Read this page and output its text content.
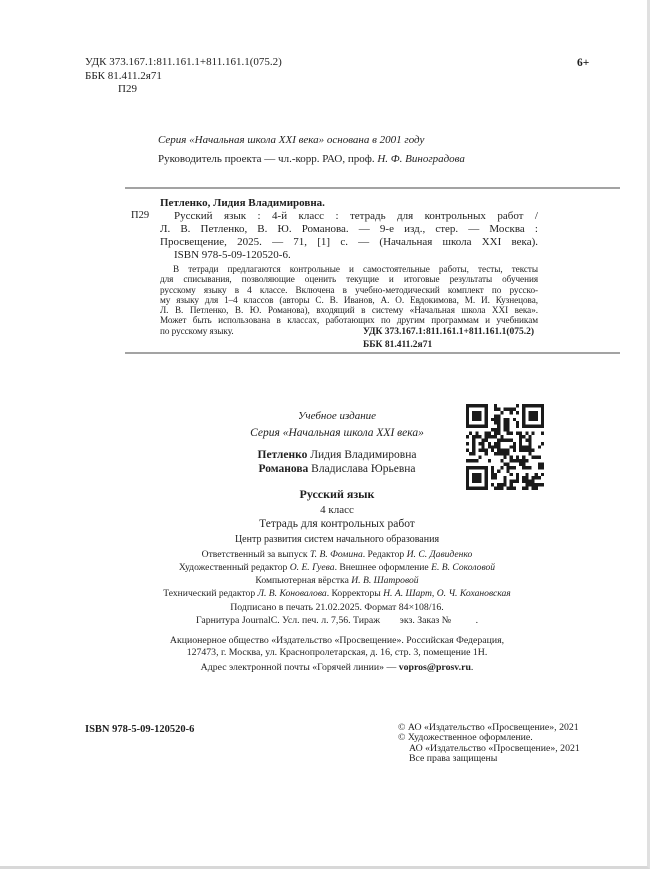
УДК 373.167.1:811.161.1+811.161.1(075.2)
ББК 81.411.2я71
П29
6+
Серия «Начальная школа XXI века» основана в 2001 году
Руководитель проекта — чл.-корр. РАО, проф. Н. Ф. Виноградова
П29
Петленко, Лидия Владимировна.
Русский язык : 4-й класс : тетрадь для контрольных работ /
Л. В. Петленко, В. Ю. Романова. — 9-е изд., стер. — Москва :
Просвещение, 2025. — 71, [1] с. — (Начальная школа XXI века).
ISBN 978-5-09-120520-6.
В тетради предлагаются контрольные и самостоятельные работы, тесты, тексты
для списывания, позволяющие оценить текущие и итоговые результаты обучения
русскому языку в 4 классе. Включена в учебно-методический комплект по русско-
му языку для 1–4 классов (авторы С. В. Иванов, А. О. Евдокимова, М. И. Кузнецова,
Л. В. Петленко, В. Ю. Романова), входящий в систему «Начальная школа XXI века».
Может быть использована в классах, работающих по другим программам и учебникам
по русскому языку.	УДК 373.167.1:811.161.1+811.161.1(075.2)
ББК 81.411.2я71
Учебное издание
Серия «Начальная школа XXI века»
Петленко Лидия Владимировна
Романова Владислава Юрьевна
Русский язык
4 класс
Тетрадь для контрольных работ
Центр развития систем начального образования
Ответственный за выпуск Т. В. Фомина. Редактор И. С. Давиденко
Художественный редактор О. Е. Гуева. Внешнее оформление Е. В. Соколовой
Компьютерная вёрстка И. В. Шатровой
Технический редактор Л. В. Коновалова. Корректоры Н. А. Шарт, О. Ч. Кохановская
Подписано в печать 21.02.2025. Формат 84×108/16.
Гарнитура JournalC. Усл. печ. л. 7,56. Тираж   экз. Заказ №   .
Акционерное общество «Издательство «Просвещение». Российская Федерация,
127473, г. Москва, ул. Краснопролетарская, д. 16, стр. 3, помещение 1Н.
Адрес электронной почты «Горячей линии» — vopros@prosv.ru.
ISBN 978-5-09-120520-6	© АО «Издательство «Просвещение», 2021
© Художественное оформление.
АО «Издательство «Просвещение», 2021
Все права защищены
